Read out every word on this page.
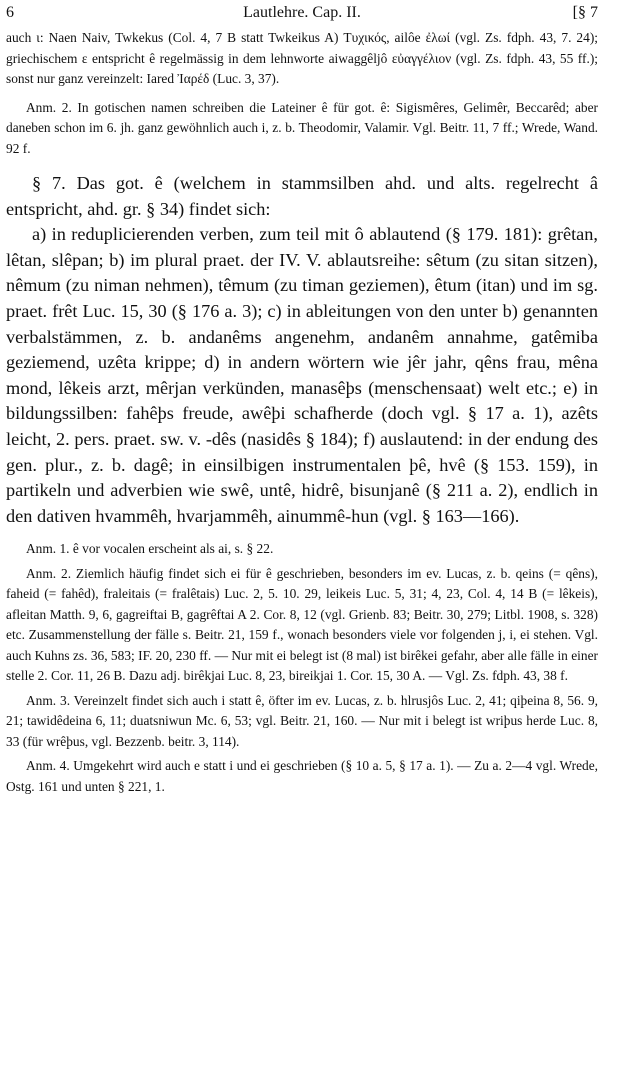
6	Lautlehre. Cap. II.	[§ 7

auch ι: Naen Naiv, Twkekus (Col. 4, 7 B statt Twkeikus A) Τυχικός, ailôe ἐλωί (vgl. Zs. fdph. 43, 7. 24); griechischem ε entspricht ê regelmässig in dem lehnworte aiwaggêljô εὐαγγέλιον (vgl. Zs. fdph. 43, 55 ff.); sonst nur ganz vereinzelt: Iared Ἰαρέδ (Luc. 3, 37).

Anm. 2. In gotischen namen schreiben die Lateiner ê für got. ê: Sigismêres, Gelimêr, Beccarêd; aber daneben schon im 6. jh. ganz gewöhnlich auch i, z. b. Theodomir, Valamir. Vgl. Beitr. 11, 7 ff.; Wrede, Wand. 92 f.

§ 7. Das got. ê (welchem in stammsilben ahd. und alts. regelrecht â entspricht, ahd. gr. § 34) findet sich:

a) in reduplicierenden verben, zum teil mit ô ablautend (§ 179. 181): grêtan, lêtan, slêpan; b) im plural praet. der IV. V. ablautsreihe: sêtum (zu sitan sitzen), nêmum (zu niman nehmen), têmum (zu timan geziemen), êtum (itan) und im sg. praet. frêt Luc. 15, 30 (§ 176 a. 3); c) in ableitungen von den unter b) genannten verbalstämmen, z. b. andanêms angenehm, andanêm annahme, gatêmiba geziemend, uzêta krippe; d) in andern wörtern wie jêr jahr, qêns frau, mêna mond, lêkeis arzt, mêrjan verkünden, manasêþs (menschensaat) welt etc.; e) in bildungssilben: fahêþs freude, awêþi schafherde (doch vgl. § 17 a. 1), azêts leicht, 2. pers. praet. sw. v. -dês (nasidês § 184); f) auslautend: in der endung des gen. plur., z. b. dagê; in einsilbigen instrumentalen þê, hvê (§ 153. 159), in partikeln und adverbien wie swê, untê, hidrê, bisunjanê (§ 211 a. 2), endlich in den dativen hvammêh, hvarjammêh, ainummê-hun (vgl. § 163—166).

Anm. 1. ê vor vocalen erscheint als ai, s. § 22.

Anm. 2. Ziemlich häufig findet sich ei für ê geschrieben, besonders im ev. Lucas, z. b. qeins (= qêns), faheid (= fahêd), fraleitais (= fralêtais) Luc. 2, 5. 10. 29, leikeis Luc. 5, 31; 4, 23, Col. 4, 14 B (= lêkeis), afleitan Matth. 9, 6, gagreiftai B, gagrêftai A 2. Cor. 8, 12 (vgl. Grienb. 83; Beitr. 30, 279; Litbl. 1908, s. 328) etc. Zusammenstellung der fälle s. Beitr. 21, 159 f., wonach besonders viele vor folgenden j, i, ei stehen. Vgl. auch Kuhns zs. 36, 583; IF. 20, 230 ff. — Nur mit ei belegt ist (8 mal) ist birêkei gefahr, aber alle fälle in einer stelle 2. Cor. 11, 26 B. Dazu adj. birêkjai Luc. 8, 23, bireikjai 1. Cor. 15, 30 A. — Vgl. Zs. fdph. 43, 38 f.

Anm. 3. Vereinzelt findet sich auch i statt ê, öfter im ev. Lucas, z. b. hlrusjôs Luc. 2, 41; qiþeina 8, 56. 9, 21; tawidêdeina 6, 11; duatsniwun Mc. 6, 53; vgl. Beitr. 21, 160. — Nur mit i belegt ist wriþus herde Luc. 8, 33 (für wrêþus, vgl. Bezzenb. beitr. 3, 114).

Anm. 4. Umgekehrt wird auch e statt i und ei geschrieben (§ 10 a. 5, § 17 a. 1). — Zu a. 2—4 vgl. Wrede, Ostg. 161 und unten § 221, 1.
